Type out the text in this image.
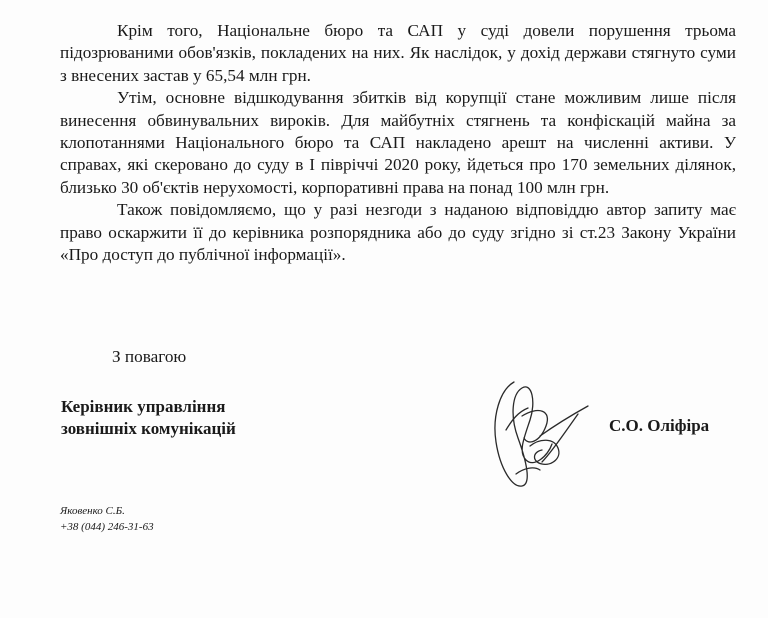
Крім того, Національне бюро та САП у суді довели порушення трьома підозрюваними обов'язків, покладених на них. Як наслідок, у дохід держави стягнуто суми з внесених застав у 65,54 млн грн.

Утім, основне відшкодування збитків від корупції стане можливим лише після винесення обвинувальних вироків. Для майбутніх стягнень та конфіскацій майна за клопотаннями Національного бюро та САП накладено арешт на численні активи. У справах, які скеровано до суду в I півріччі 2020 року, йдеться про 170 земельних ділянок, близько 30 об'єктів нерухомості, корпоративні права на понад 100 млн грн.

Також повідомляємо, що у разі незгоди з наданою відповіддю автор запиту має право оскаржити її до керівника розпорядника або до суду згідно зі ст.23 Закону України «Про доступ до публічної інформації».

З повагою
Керівник управління
зовнішніх комунікацій	С.О. Оліфіра
Яковенко С.Б.
+38 (044) 246-31-63
